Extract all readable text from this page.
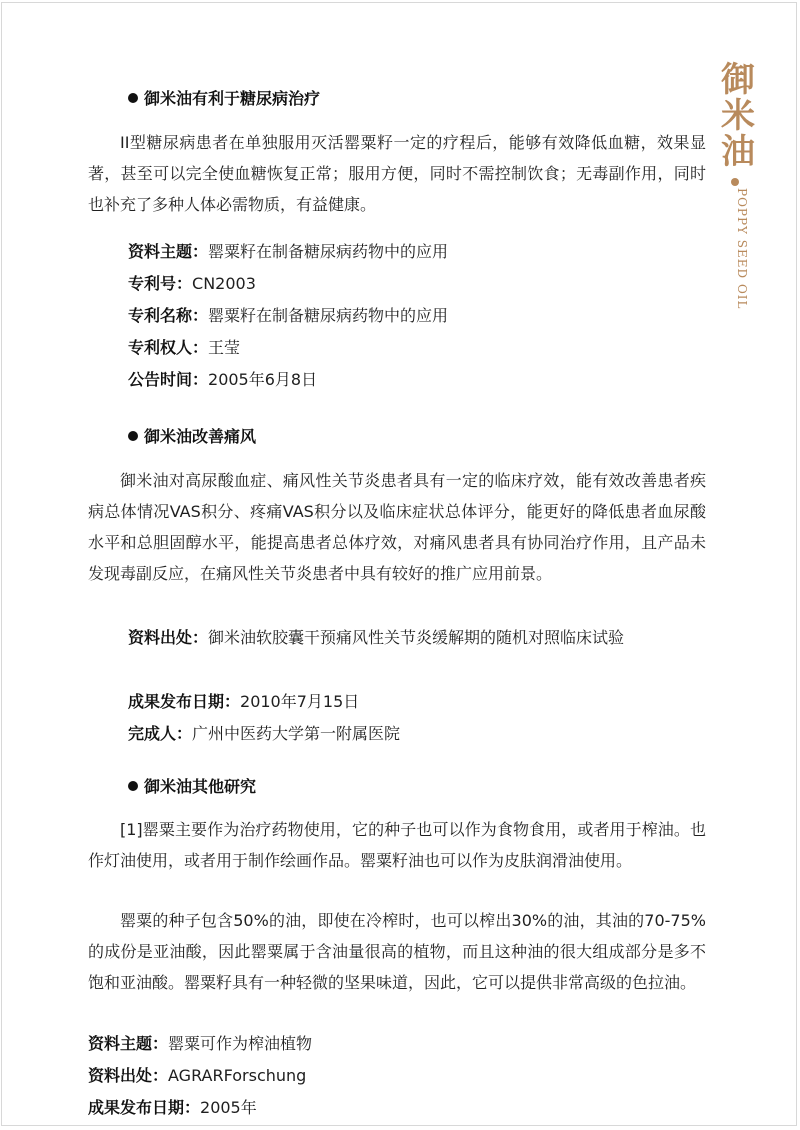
御
米
油
POPPY SEED OIL
御米油有利于糖尿病治疗
II型糖尿病患者在单独服用灭活罂粟籽一定的疗程后，能够有效降低血糖，效果显著，甚至可以完全使血糖恢复正常；服用方便，同时不需控制饮食；无毒副作用，同时也补充了多种人体必需物质，有益健康。
资料主题：罂粟籽在制备糖尿病药物中的应用
专利号：CN2003
专利名称：罂粟籽在制备糖尿病药物中的应用
专利权人：王莹
公告时间：2005年6月8日
御米油改善痛风
御米油对高尿酸血症、痛风性关节炎患者具有一定的临床疗效，能有效改善患者疾病总体情况VAS积分、疼痛VAS积分以及临床症状总体评分，能更好的降低患者血尿酸水平和总胆固醇水平，能提高患者总体疗效，对痛风患者具有协同治疗作用，且产品未发现毒副反应，在痛风性关节炎患者中具有较好的推广应用前景。
资料出处：御米油软胶囊干预痛风性关节炎缓解期的随机对照临床试验
成果发布日期：2010年7月15日
完成人：广州中医药大学第一附属医院
御米油其他研究
[1]罂粟主要作为治疗药物使用，它的种子也可以作为食物食用，或者用于榨油。也作灯油使用，或者用于制作绘画作品。罂粟籽油也可以作为皮肤润滑油使用。
罂粟的种子包含50%的油，即使在冷榨时，也可以榨出30%的油，其油的70-75%的成份是亚油酸，因此罂粟属于含油量很高的植物，而且这种油的很大组成部分是多不饱和亚油酸。罂粟籽具有一种轻微的坚果味道，因此，它可以提供非常高级的色拉油。
资料主题：罂粟可作为榨油植物
资料出处：AGRARForschung
成果发布日期：2005年
